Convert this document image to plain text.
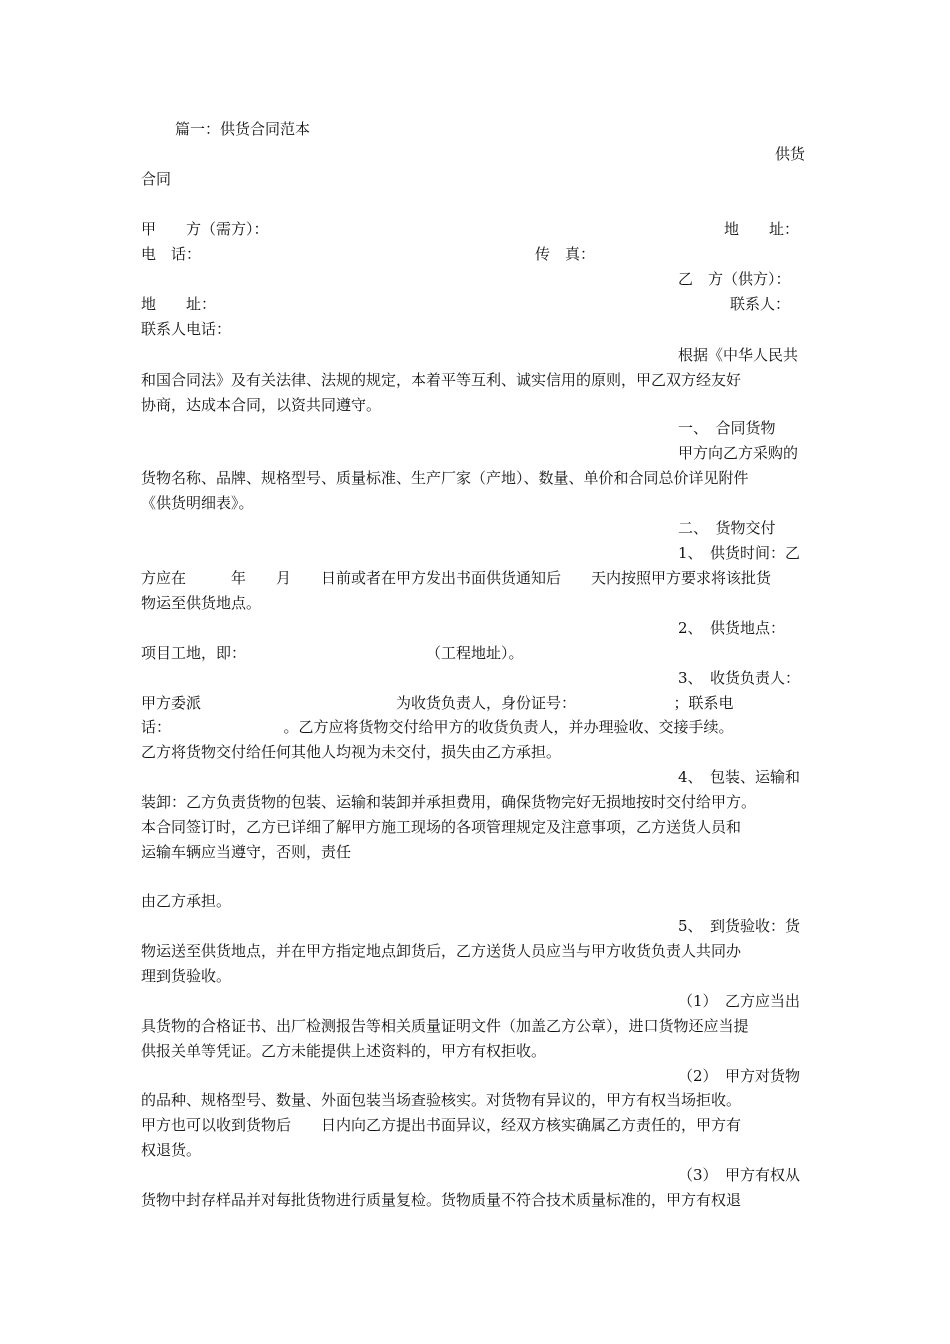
篇一：供货合同范本
供货
合同
甲　　方（需方）：	地　　址：
电　话：	传　真：
乙　方（供方）：
地　　址：	联系人：
联系人电话：
根据《中华人民共
和国合同法》及有关法律、法规的规定，本着平等互利、诚实信用的原则，甲乙双方经友好
协商，达成本合同，以资共同遵守。
一、　合同货物
甲方向乙方采购的
货物名称、品牌、规格型号、质量标准、生产厂家（产地）、数量、单价和合同总价详见附件
《供货明细表》。
二、　货物交付
1、　供货时间：乙
方应在　　　年　　月　　日前或者在甲方发出书面供货通知后　　天内按照甲方要求将该批货
物运至供货地点。
2、　供货地点：
项目工地，即：　　　　　　　　　　　　　（工程地址）。
3、　收货负责人：
甲方委派　　　　　　　　　　　　　为收货负责人，身份证号：　　　　　　　；联系电
话：　　　　　　　　。乙方应将货物交付给甲方的收货负责人，并办理验收、交接手续。
乙方将货物交付给任何其他人均视为未交付，损失由乙方承担。
4、　包装、运输和
装卸：乙方负责货物的包装、运输和装卸并承担费用，确保货物完好无损地按时交付给甲方。
本合同签订时，乙方已详细了解甲方施工现场的各项管理规定及注意事项，乙方送货人员和
运输车辆应当遵守，否则，责任
由乙方承担。
5、　到货验收：货
物运送至供货地点，并在甲方指定地点卸货后，乙方送货人员应当与甲方收货负责人共同办
理到货验收。
（1）　乙方应当出
具货物的合格证书、出厂检测报告等相关质量证明文件（加盖乙方公章），进口货物还应当提
供报关单等凭证。乙方未能提供上述资料的，甲方有权拒收。
（2）　甲方对货物
的品种、规格型号、数量、外面包装当场查验核实。对货物有异议的，甲方有权当场拒收。
甲方也可以收到货物后　　日内向乙方提出书面异议，经双方核实确属乙方责任的，甲方有
权退货。
（3）　甲方有权从
货物中封存样品并对每批货物进行质量复检。货物质量不符合技术质量标准的，甲方有权退
